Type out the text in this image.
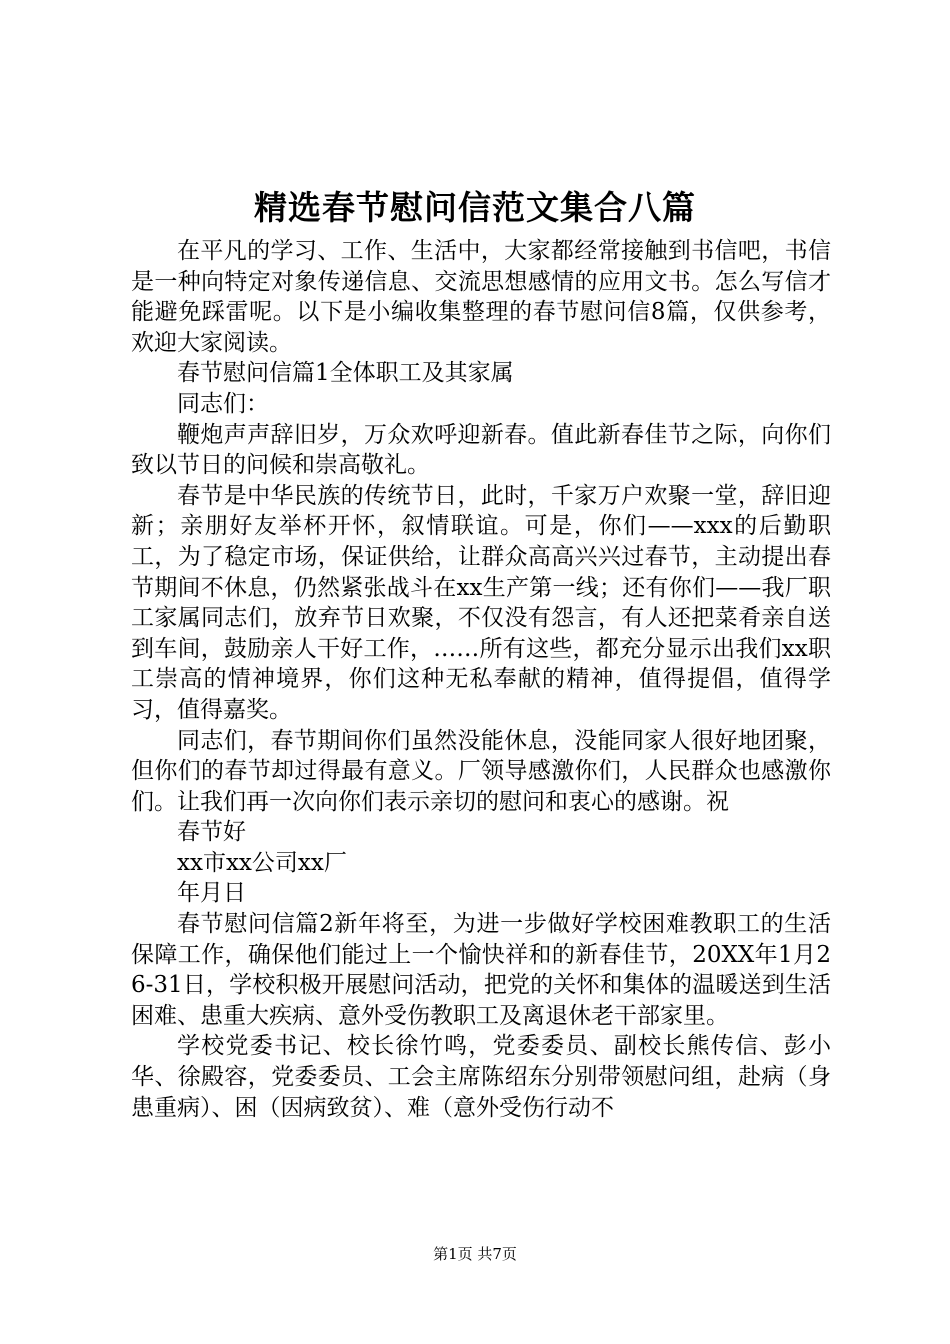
精选春节慰问信范文集合八篇

在平凡的学习、工作、生活中，大家都经常接触到书信吧，书信是一种向特定对象传递信息、交流思想感情的应用文书。怎么写信才能避免踩雷呢。以下是小编收集整理的春节慰问信8篇，仅供参考，欢迎大家阅读。

春节慰问信篇1全体职工及其家属

同志们：

鞭炮声声辞旧岁，万众欢呼迎新春。值此新春佳节之际，向你们致以节日的问候和崇高敬礼。

春节是中华民族的传统节日，此时，千家万户欢聚一堂，辞旧迎新；亲朋好友举杯开怀，叙情联谊。可是，你们——xxx的后勤职工，为了稳定市场，保证供给，让群众高高兴兴过春节，主动提出春节期间不休息，仍然紧张战斗在xx生产第一线；还有你们——我厂职工家属同志们，放弃节日欢聚，不仅没有怨言，有人还把菜肴亲自送到车间，鼓励亲人干好工作，……所有这些，都充分显示出我们xx职工崇高的情神境界，你们这种无私奉献的精神，值得提倡，值得学习，值得嘉奖。

同志们，春节期间你们虽然没能休息，没能同家人很好地团聚，但你们的春节却过得最有意义。厂领导感激你们，人民群众也感激你们。让我们再一次向你们表示亲切的慰问和衷心的感谢。祝

春节好

xx市xx公司xx厂

年月日

春节慰问信篇2新年将至，为进一步做好学校困难教职工的生活保障工作，确保他们能过上一个愉快祥和的新春佳节，20XX年1月26-31日，学校积极开展慰问活动，把党的关怀和集体的温暖送到生活困难、患重大疾病、意外受伤教职工及离退休老干部家里。

学校党委书记、校长徐竹鸣，党委委员、副校长熊传信、彭小华、徐殿容，党委委员、工会主席陈绍东分别带领慰问组，赴病（身患重病）、困（因病致贫）、难（意外受伤行动不

第1页 共7页
